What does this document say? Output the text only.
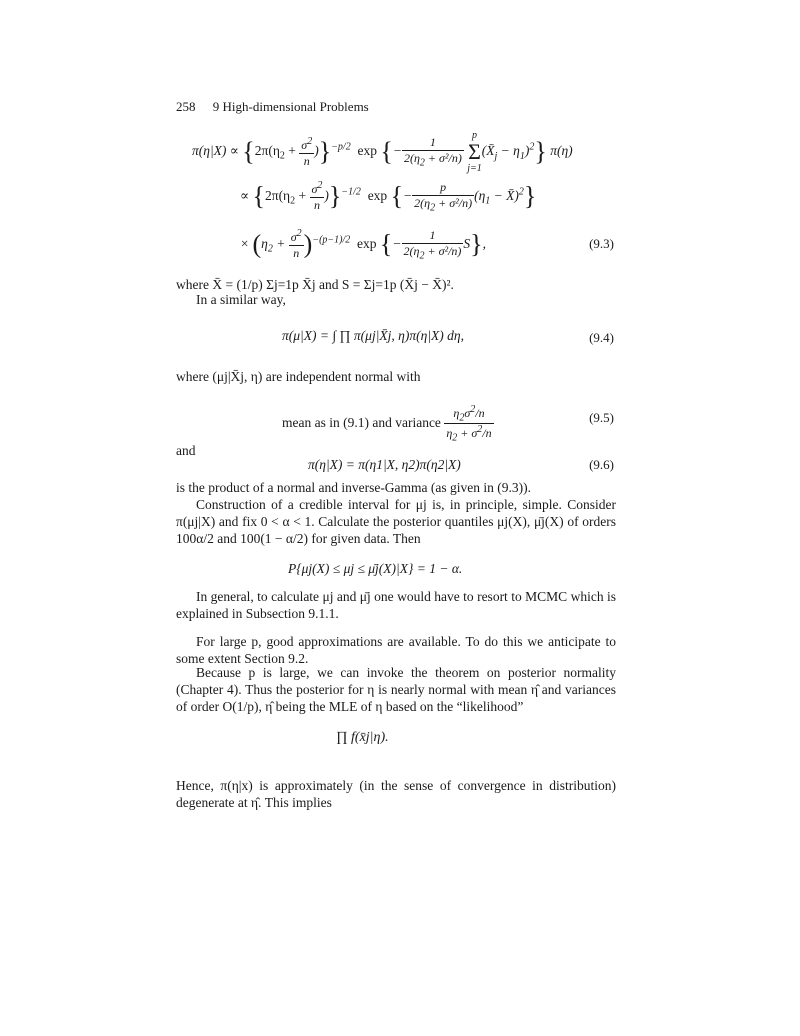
258 9 High-dimensional Problems
$\pi(\eta|X) \propto \{2\pi(\eta_2 + \frac{\sigma^2}{n} )\}^{-p/2}$ exp {− $\frac{1}{2(\eta_2 + \sigma^2/n)}$ p
Σ
$j=1(X̄_j - \eta_1)^2$} π(η)
∝ $\{2\pi(\eta_2 + \frac{\sigma^2}{n} )\}^{-1/2}$ exp {− $\frac{p}{2(\eta_2 + \sigma^2/n)} (\eta_1$ − X̄)$^2$}
× $(\eta_2 + \frac{\sigma^2}{n} )^{-(p-1)/2}$ exp {− $\frac{1}{2(\eta_2 + \sigma^2/n)} S$},	(9.3)
where X̄ = (1/p) Σj=1p X̄j and S = Σj=1p (X̄j − X̄)².
In a similar way,
π(μ|X) = ∫ ∏ π(μj|X̄j, η)π(η|X) dη,	(9.4)
where (μj|X̄j, η) are independent normal with
mean as in (9.1) and variance $\frac{\eta_2\sigma^2/n}{\eta_2 + \sigma^2/n}$	(9.5)
and
π(η|X) = π(η1|X, η2)π(η2|X)	(9.6)
is the product of a normal and inverse-Gamma (as given in (9.3)).
Construction of a credible interval for μj is, in principle, simple. Consider π(μj|X) and fix 0 < α < 1. Calculate the posterior quantiles μj(X), μ̄j(X) of orders 100α/2 and 100(1 − α/2) for given data. Then
P{μj(X) ≤ μj ≤ μ̄j(X)|X} = 1 − α.
In general, to calculate μj and μ̄j one would have to resort to MCMC which is explained in Subsection 9.1.1.
For large p, good approximations are available. To do this we anticipate to some extent Section 9.2.
Because p is large, we can invoke the theorem on posterior normality (Chapter 4). Thus the posterior for η is nearly normal with mean η̂ and variances of order O(1/p), η̂ being the MLE of η based on the “likelihood”
∏ f(x̄j|η).
Hence, π(η|x) is approximately (in the sense of convergence in distribution) degenerate at η̂. This implies
